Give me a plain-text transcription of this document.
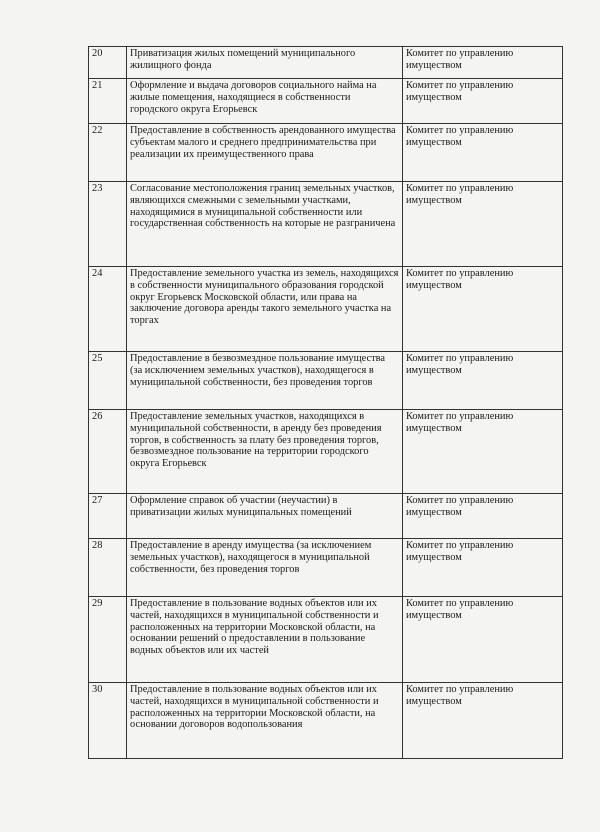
20	Приватизация жилых помещений муниципального жилищного фонда	Комитет по управлению имуществом
21	Оформление и выдача договоров социального найма на жилые помещения, находящиеся в собственности городского округа Егорьевск	Комитет по управлению имуществом
22	Предоставление в собственность арендованного имущества субъектам малого и среднего предпринимательства при реализации их преимущественного права	Комитет по управлению имуществом
23	Согласование местоположения границ земельных участков, являющихся смежными с земельными участками, находящимися в муниципальной собственности или государственная собственность на которые не разграничена	Комитет по управлению имуществом
24	Предоставление земельного участка из земель, находящихся в собственности муниципального образования городской округ Егорьевск Московской области, или права на заключение договора аренды такого земельного участка на торгах	Комитет по управлению имуществом
25	Предоставление в безвозмездное пользование имущества (за исключением земельных участков), находящегося в муниципальной собственности, без проведения торгов	Комитет по управлению имуществом
26	Предоставление земельных участков, находящихся в муниципальной собственности, в аренду без проведения торгов, в собственность за плату без проведения торгов, безвозмездное пользование на территории городского округа Егорьевск	Комитет по управлению имуществом
27	Оформление справок об участии (неучастии) в приватизации жилых муниципальных помещений	Комитет по управлению имуществом
28	Предоставление в аренду имущества (за исключением земельных участков), находящегося в муниципальной собственности, без проведения торгов	Комитет по управлению имуществом
29	Предоставление в пользование водных объектов или их частей, находящихся в муниципальной собственности и расположенных на территории Московской области, на основании решений о предоставлении в пользование водных объектов или их частей	Комитет по управлению имуществом
30	Предоставление в пользование водных объектов или их частей, находящихся в муниципальной собственности и расположенных на территории Московской области, на основании договоров водопользования	Комитет по управлению имуществом
